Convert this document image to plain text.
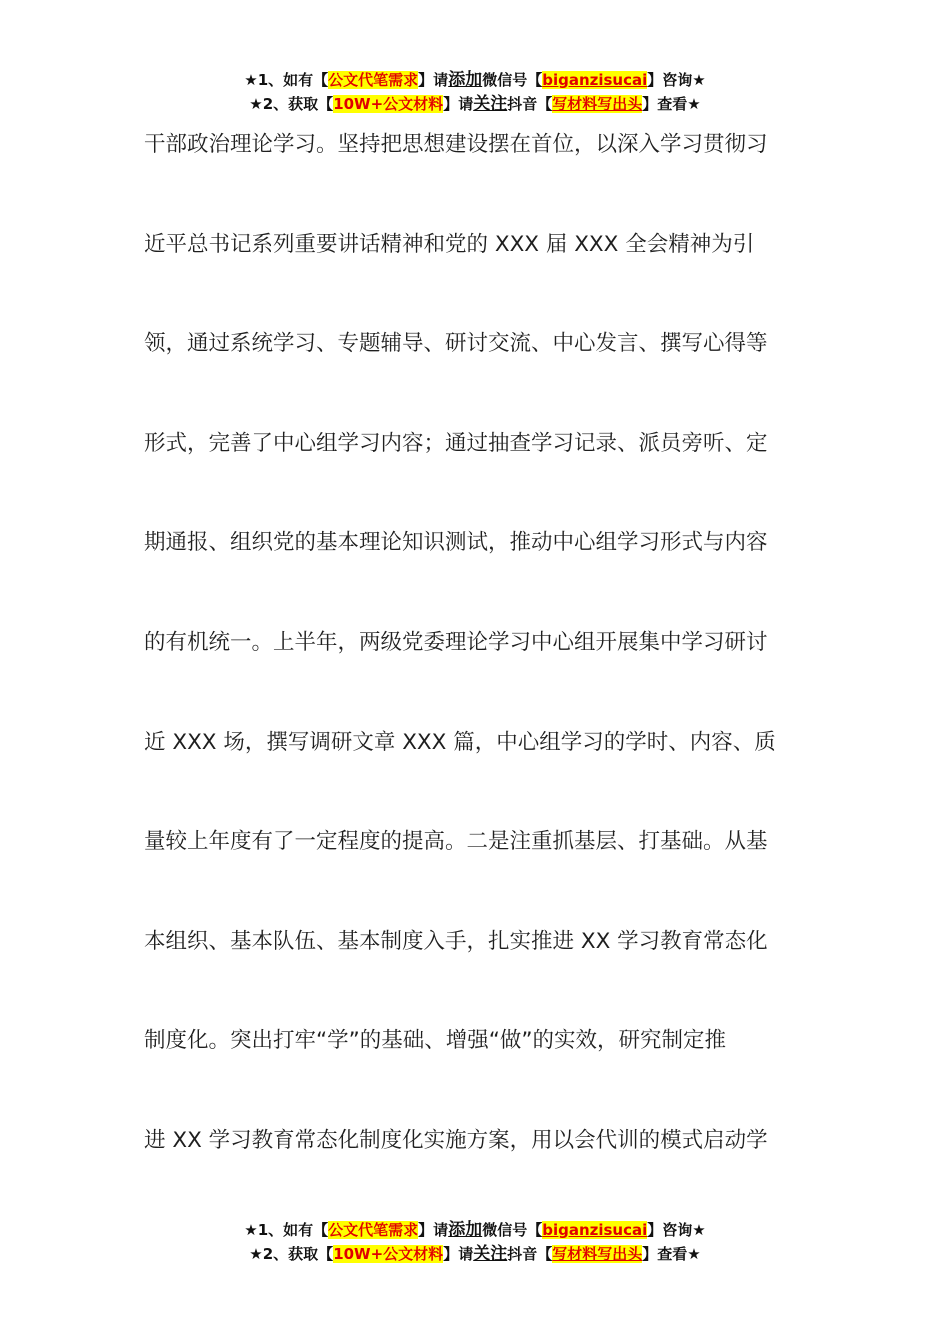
★1、如有【公文代笔需求】请添加微信号【biganzisucai】咨询★
★2、获取【10W+公文材料】请关注抖音【写材料写出头】查看★
干部政治理论学习。坚持把思想建设摆在首位，以深入学习贯彻习
近平总书记系列重要讲话精神和党的 XXX 届 XXX 全会精神为引
领，通过系统学习、专题辅导、研讨交流、中心发言、撰写心得等
形式，完善了中心组学习内容；通过抽查学习记录、派员旁听、定
期通报、组织党的基本理论知识测试，推动中心组学习形式与内容
的有机统一。上半年，两级党委理论学习中心组开展集中学习研讨
近 XXX 场，撰写调研文章 XXX 篇，中心组学习的学时、内容、质
量较上年度有了一定程度的提高。二是注重抓基层、打基础。从基
本组织、基本队伍、基本制度入手，扎实推进 XX 学习教育常态化
制度化。突出打牢“学”的基础、增强“做”的实效，研究制定推
进 XX 学习教育常态化制度化实施方案，用以会代训的模式启动学
★1、如有【公文代笔需求】请添加微信号【biganzisucai】咨询★
★2、获取【10W+公文材料】请关注抖音【写材料写出头】查看★
